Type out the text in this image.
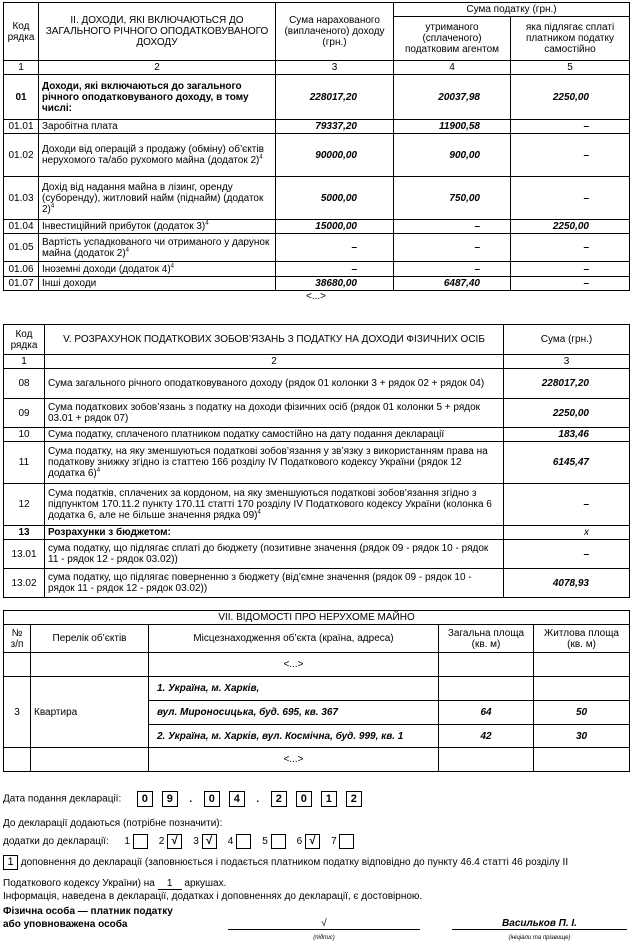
Код рядка	II. ДОХОДИ, ЯКІ ВКЛЮЧАЮТЬСЯ ДО ЗАГАЛЬНОГО РІЧНОГО ОПОДАТКОВУВАНОГО ДОХОДУ	Сума нарахованого (виплаченого) доходу (грн.)	Сума податку (грн.)	
			утриманого (сплаченого) податковим агентом	яка підлягає сплаті платником податку самостійно
1	2	3	4	5
01	Доходи, які включаються до загального річного оподатковуваного доходу, в тому числі:	228017,20	20037,98	2250,00
01.01	Заробітна плата	79337,20	11900,58	–
01.02	Доходи від операцій з продажу (обміну) об’єктів нерухомого та/або рухомого майна (додаток 2)$^4$	90000,00	900,00	–
01.03	Дохід від надання майна в лізинг, оренду (суборенду), житловий найм (піднайм) (додаток 2)$^4$	5000,00	750,00	–
01.04	Інвестиційний прибуток (додаток 3)$^4$	15000,00	–	2250,00
01.05	Вартість успадкованого чи отриманого у дарунок майна (додаток 2)$^4$	–	–	–
01.06	Іноземні доходи (додаток 4)$^4$	–	–	–
01.07	Інші доходи	38680,00	6487,40	–
<...>
Код рядка	V. РОЗРАХУНОК ПОДАТКОВИХ ЗОБОВ’ЯЗАНЬ З ПОДАТКУ НА ДОХОДИ ФІЗИЧНИХ ОСІБ	Сума (грн.)
1	2	3
08	Сума загального річного оподатковуваного доходу (рядок 01 колонки 3 + рядок 02 + рядок 04)	228017,20
09	Сума податкових зобов’язань з податку на доходи фізичних осіб (рядок 01 колонки 5 + рядок 03.01 + рядок 07)	2250,00
10	Сума податку, сплаченого платником податку самостійно на дату подання декларації	183,46
11	Сума податку, на яку зменшуються податкові зобов’язання у зв’язку з використанням права на податкову знижку згідно із статтею 166 розділу IV Податкового кодексу України (рядок 12 додатка 6)$^4$	6145,47
12	Сума податків, сплачених за кордоном, на яку зменшуються податкові зобов’язання згідно з підпунктом 170.11.2 пункту 170.11 статті 170 розділу IV Податкового кодексу України (колонка 6 додатка 6, але не більше значення рядка 09)$^4$	–
13	Розрахунки з бюджетом:	х
13.01	сума податку, що підлягає сплаті до бюджету (позитивне значення (рядок 09 - рядок 10 - рядок 11 - рядок 12 - рядок 03.02))	–
13.02	сума податку, що підлягає поверненню з бюджету (від’ємне значення (рядок 09 - рядок 10 - рядок 11 - рядок 12 - рядок 03.02))	4078,93
VII. ВІДОМОСТІ ПРО НЕРУХОМЕ МАЙНО				
№ з/п	Перелік об’єктів	Місцезнаходження об’єкта (країна, адреса)	Загальна площа (кв. м)	Житлова площа (кв. м)
		<...>		
3	Квартира	1. Україна, м. Харків,		
		вул. Мироносицька, буд. 695, кв. 367	64	50
		2. Україна, м. Харків, вул. Космічна, буд. 999, кв. 1	42	30
		<...>		
Дата подання декларації: 0 9 . 0 4 . 2 0 1 2
До декларації додаються (потрібне позначити):
додатки до декларації: 1	2 √ 3 √ 4	5	6 √ 7
1 доповнення до декларації (заповнюється і подається платником податку відповідно до пункту 46.4 статті 46 розділу II
Податкового кодексу України) на 1 аркушах.
Інформація, наведена в декларації, додатках і доповненнях до декларації, є достовірною.
Фізична особа — платник податку
або уповноважена особа	√
(підпис)
Васильков П. І.
(ініціали та прізвище)
